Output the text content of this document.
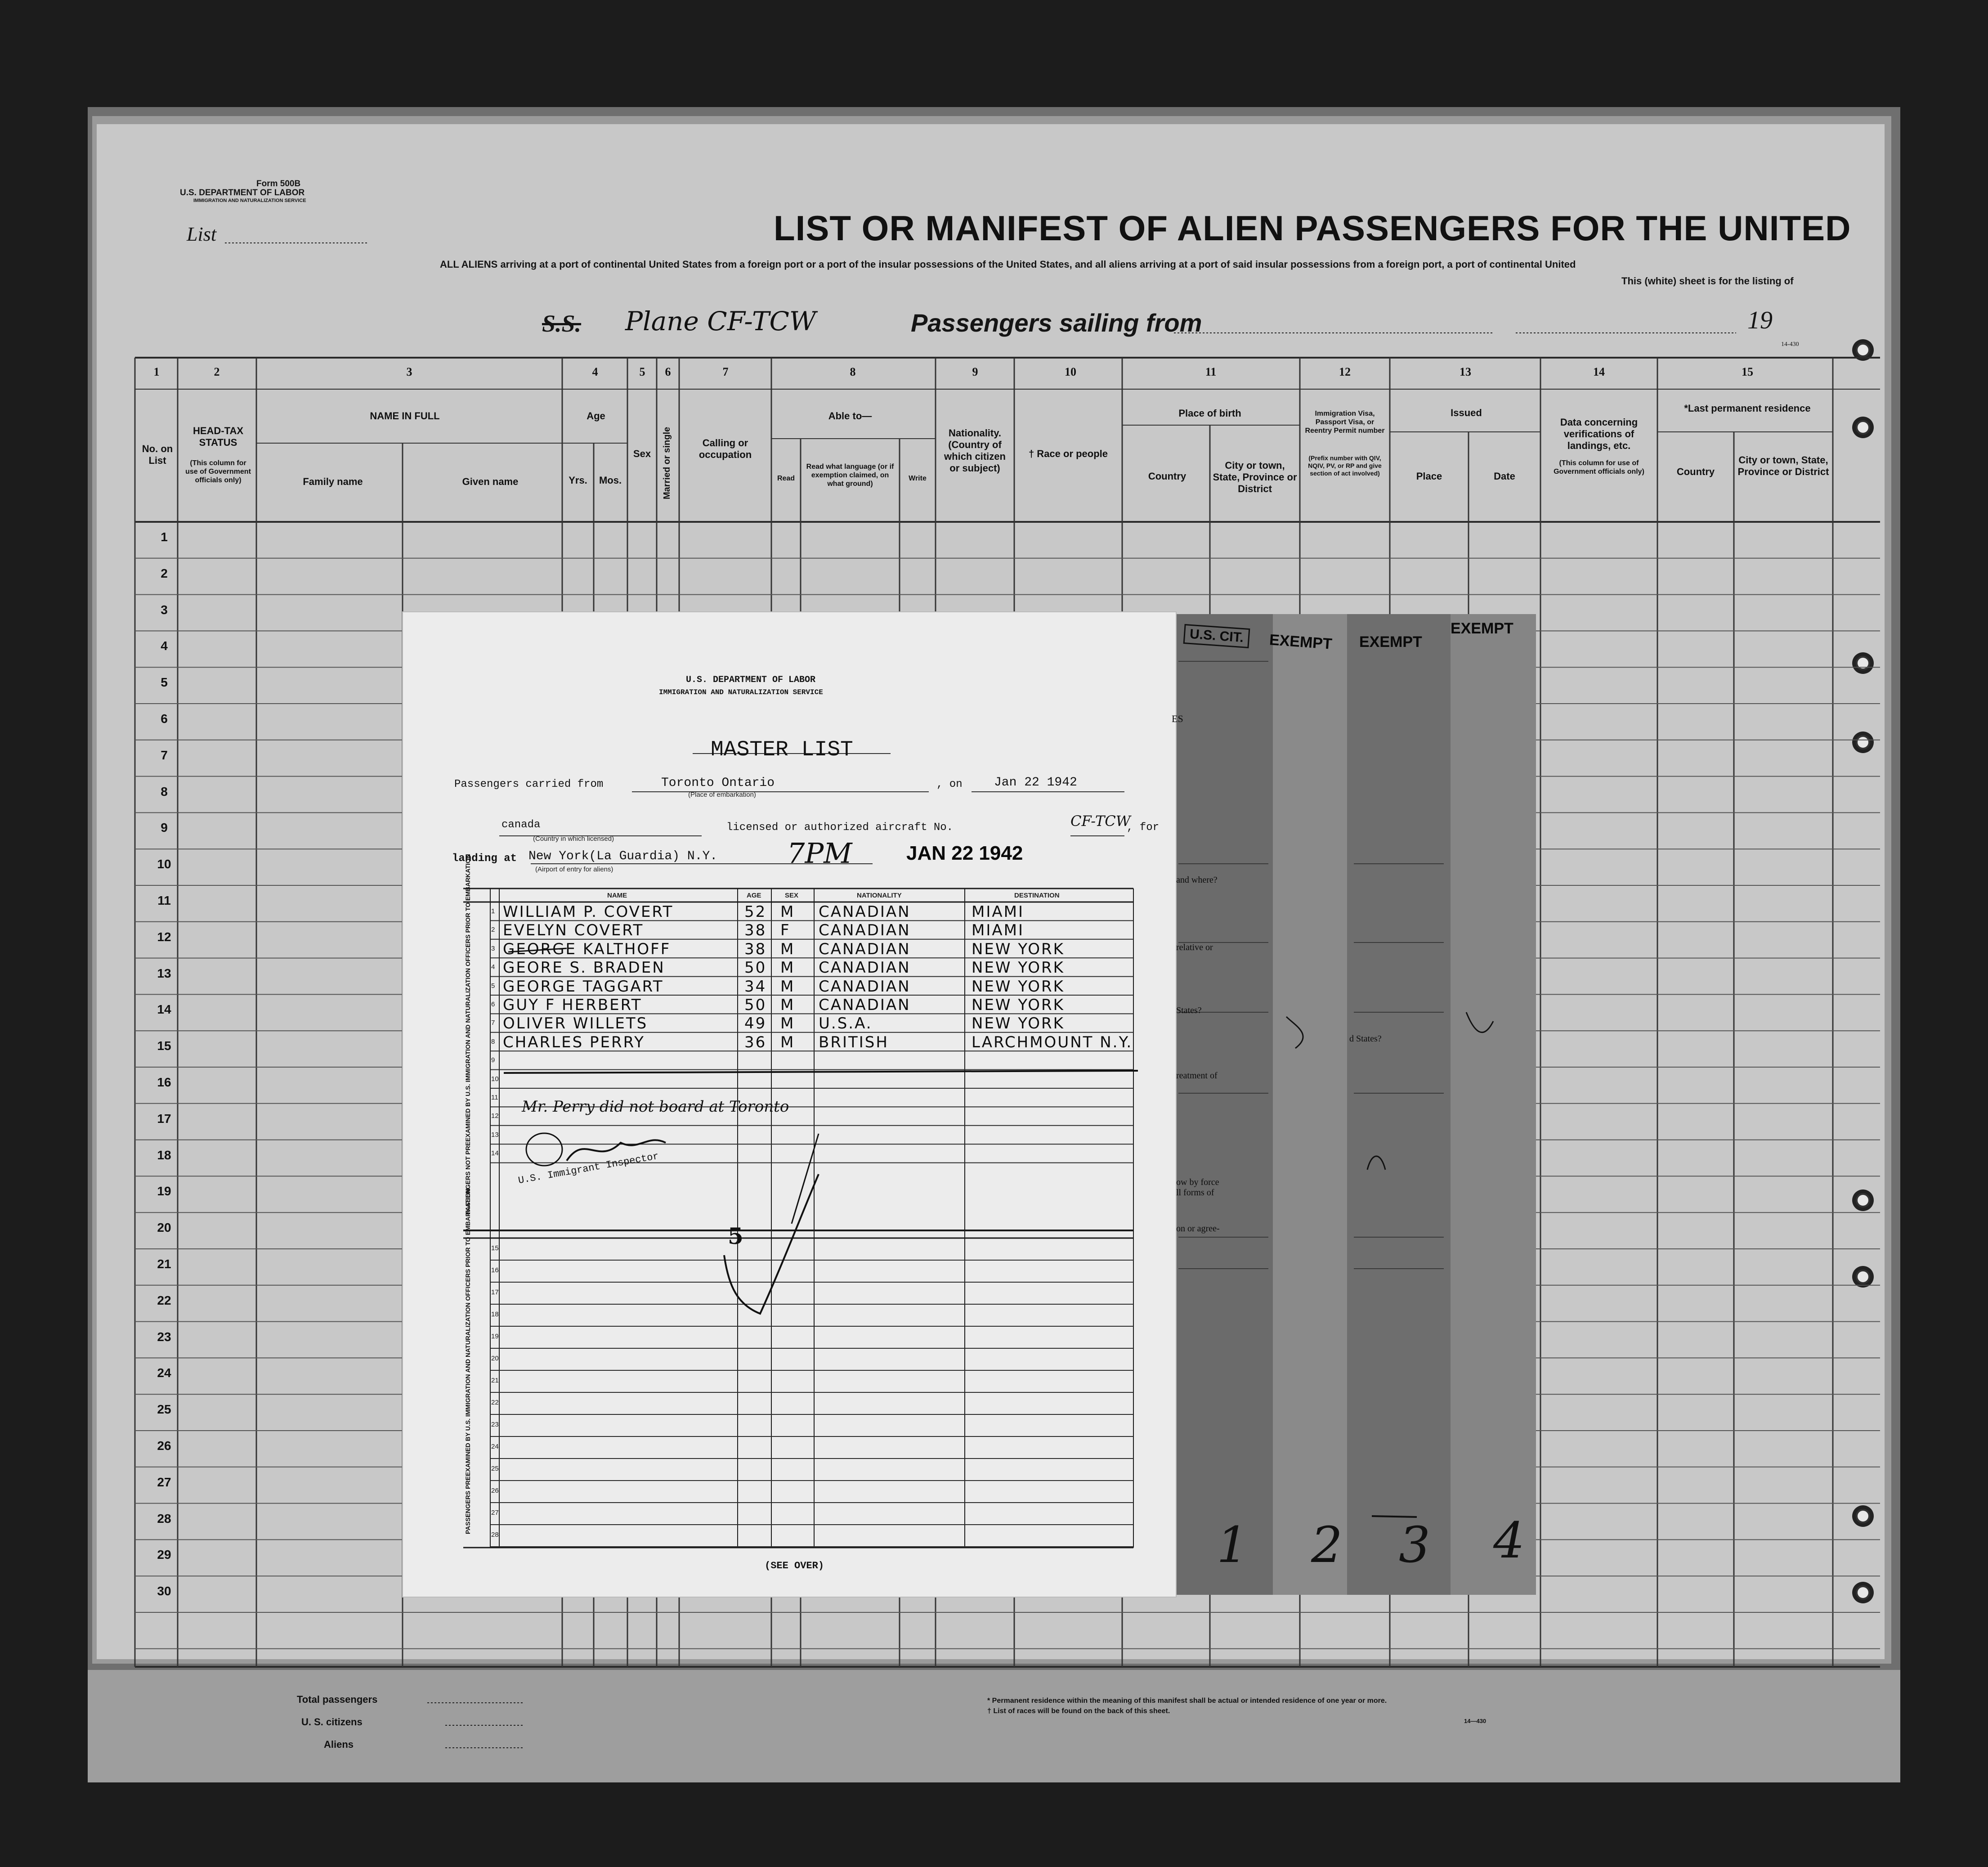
Form 500B
U.S. DEPARTMENT OF LABOR
IMMIGRATION AND NATURALIZATION SERVICE
List	LIST OR MANIFEST OF ALIEN PASSENGERS FOR THE UNITED
ALL ALIENS arriving at a port of continental United States from a foreign port or a port of the insular possessions of the United States, and all aliens arriving at a port of said insular possessions from a foreign port, a port of continental United
This (white) sheet is for the listing of
S.S. Plane CF-TCW	Passengers sailing from	19
14-430
1	2	3	4	5	6	7	8	9	10	11	12	13	14	15
No. on List
HEAD-TAX STATUS
(This column for use of Government officials only)
NAME IN FULL
Family name	Given name
Age
Yrs.	Mos.
Sex	Married or single	Calling or occupation
Able to—
Read
Read what language (or if exemption claimed, on what ground)
Write
Nationality. (Country of which citizen or subject)
† Race or people
Place of birth
Country
City or town, State, Province or District
Immigration Visa, Passport Visa, or Reentry Permit number
(Prefix number with QIV, NQIV, PV, or RP and give section of act involved)
Issued
Place	Date
Data concerning verifications of landings, etc.
(This column for use of Government officials only)
*Last permanent residence
Country
City or town, State, Province or District
1
2
3
4
5
6
7
8
9
10
11
12
13
14
15
16
17
18
19
20
21
22
23
24
25
26
27
28
29
30
U.S. CIT.	EXEMPT EXEMPT
EXEMPT
and where?
relative or
States?
d States?
reatment of
ow by force
ll forms of
on or agree-
ES
1 2 3 4
U.S. DEPARTMENT OF LABOR
IMMIGRATION AND NATURALIZATION SERVICE
MASTER LIST
Passengers carried from	Toronto Ontario
(Place of embarkation)
, on	Jan 22 1942
canada
(Country in which licensed)
licensed or authorized aircraft No.	CF-TCW
, for
landing at New York(La Guardia) N.Y.
(Airport of entry for aliens)	7PM	JAN 22 1942
NAME	AGE	SEX	NATIONALITY	DESTINATION
PASSENGERS NOT PREEXAMINED BY U.S. IMMIGRATION AND NATURALIZATION OFFICERS PRIOR TO EMBARKATION
PASSENGERS PREEXAMINED BY U.S. IMMIGRATION AND NATURALIZATION OFFICERS PRIOR TO EMBARKATION
WILLIAM P. COVERT	52 M CANADIAN	MIAMI
EVELYN COVERT	38 F CANADIAN	MIAMI
GEORGE KALTHOFF	38 M CANADIAN	NEW YORK
GEORE S. BRADEN	50 M CANADIAN	NEW YORK
GEORGE TAGGART	34 M CANADIAN	NEW YORK
GUY F HERBERT	50 M CANADIAN	NEW YORK
OLIVER WILLETS	49 M U.S.A.	NEW YORK
CHARLES PERRY	36 M BRITISH	LARCHMOUNT N.Y.
1
2
3
4
5
6
7
8
9
10
11
12
13
14
15
16
17
18
19
20
21
22
23
24
25
26
27
28
Mr. Perry did not board at Toronto
U.S. Immigrant Inspector
5
(SEE OVER)
Total passengers
U. S. citizens
Aliens
* Permanent residence within the meaning of this manifest shall be actual or intended residence of one year or more.
† List of races will be found on the back of this sheet.
14—430
